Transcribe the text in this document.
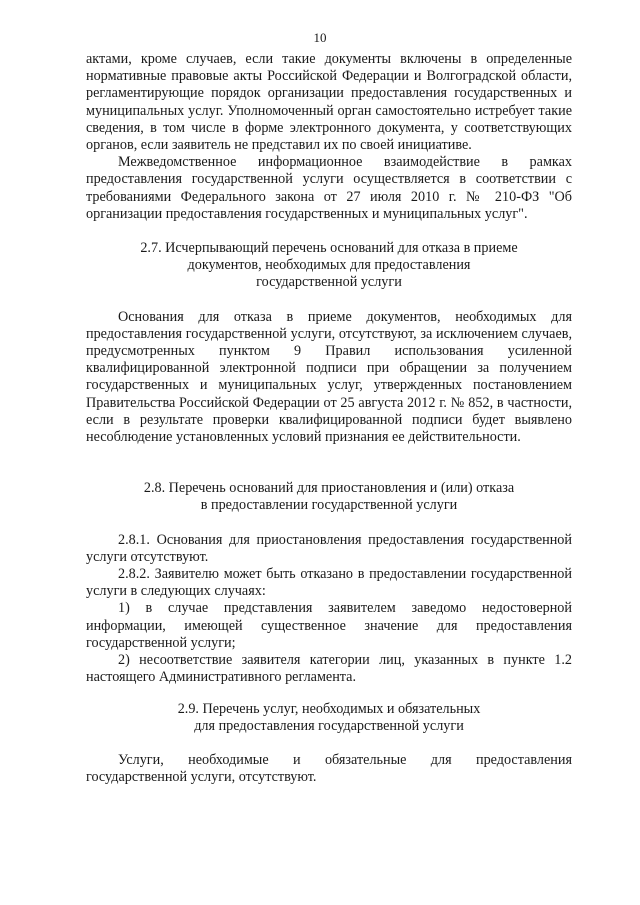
10

актами, кроме случаев, если такие документы включены в определенные нормативные правовые акты Российской Федерации и Волгоградской области, регламентирующие порядок организации предоставления государственных и муниципальных услуг. Уполномоченный орган самостоятельно истребует такие сведения, в том числе в форме электронного документа, у соответствующих органов, если заявитель не представил их по своей инициативе.

Межведомственное информационное взаимодействие в рамках предоставления государственной услуги осуществляется в соответствии с требованиями Федерального закона от 27 июля 2010 г. № 210-ФЗ "Об организации предоставления государственных и муниципальных услуг".

2.7. Исчерпывающий перечень оснований для отказа в приеме
документов, необходимых для предоставления
государственной услуги

Основания для отказа в приеме документов, необходимых для предоставления государственной услуги, отсутствуют, за исключением случаев, предусмотренных пунктом 9 Правил использования усиленной квалифицированной электронной подписи при обращении за получением государственных и муниципальных услуг, утвержденных постановлением Правительства Российской Федерации от 25 августа 2012 г. № 852, в частности, если в результате проверки квалифицированной подписи будет выявлено несоблюдение установленных условий признания ее действительности.

2.8. Перечень оснований для приостановления и (или) отказа
в предоставлении государственной услуги

2.8.1. Основания для приостановления предоставления государственной услуги отсутствуют.

2.8.2. Заявителю может быть отказано в предоставлении государственной услуги в следующих случаях:

1) в случае представления заявителем заведомо недостоверной информации, имеющей существенное значение для предоставления государственной услуги;

2) несоответствие заявителя категории лиц, указанных в пункте 1.2 настоящего Административного регламента.

2.9. Перечень услуг, необходимых и обязательных
для предоставления государственной услуги

Услуги, необходимые и обязательные для предоставления государственной услуги, отсутствуют.
